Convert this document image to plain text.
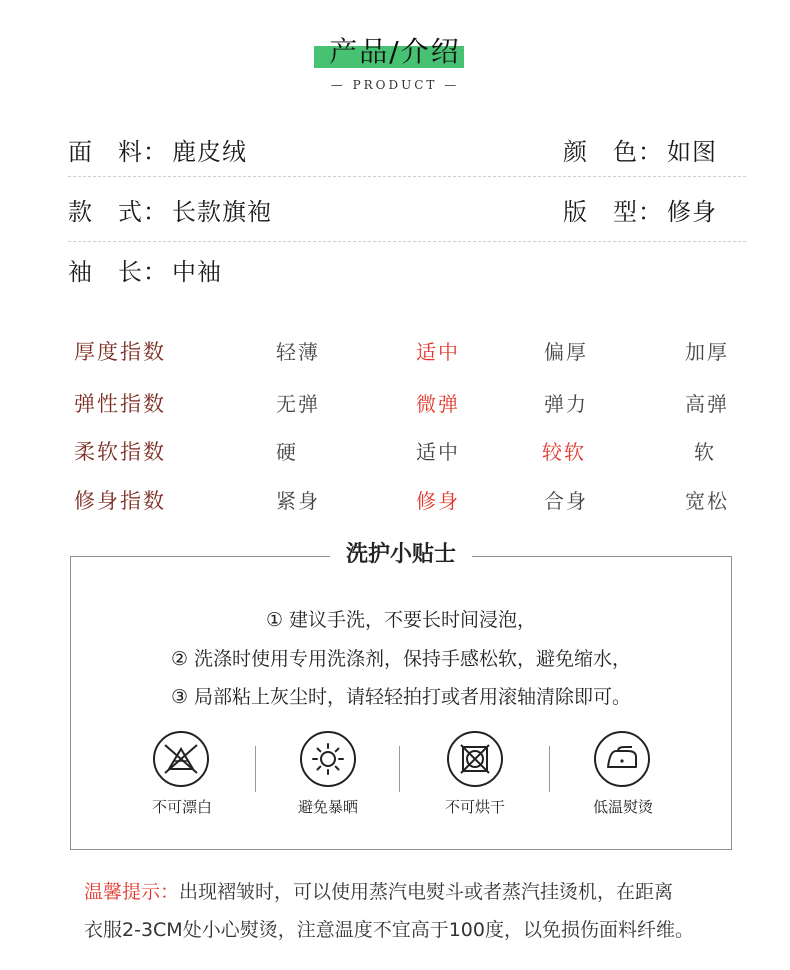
产品/介绍
— PRODUCT —
面　料： 鹿皮绒	颜　色： 如图
款　式： 长款旗袍	版　型： 修身
袖　长： 中袖
厚度指数	轻薄	适中	偏厚	加厚
弹性指数	无弹	微弹	弹力	高弹
柔软指数	硬	适中	较软	软
修身指数	紧身	修身	合身	宽松
洗护小贴士
① 建议手洗，不要长时间浸泡，
② 洗涤时使用专用洗涤剂，保持手感松软，避免缩水，
③ 局部粘上灰尘时，请轻轻拍打或者用滚轴清除即可。
不可漂白	避免暴晒	不可烘干	低温熨烫
温馨提示：出现褶皱时，可以使用蒸汽电熨斗或者蒸汽挂烫机，在距离
衣服2-3CM处小心熨烫，注意温度不宜高于100度，以免损伤面料纤维。
